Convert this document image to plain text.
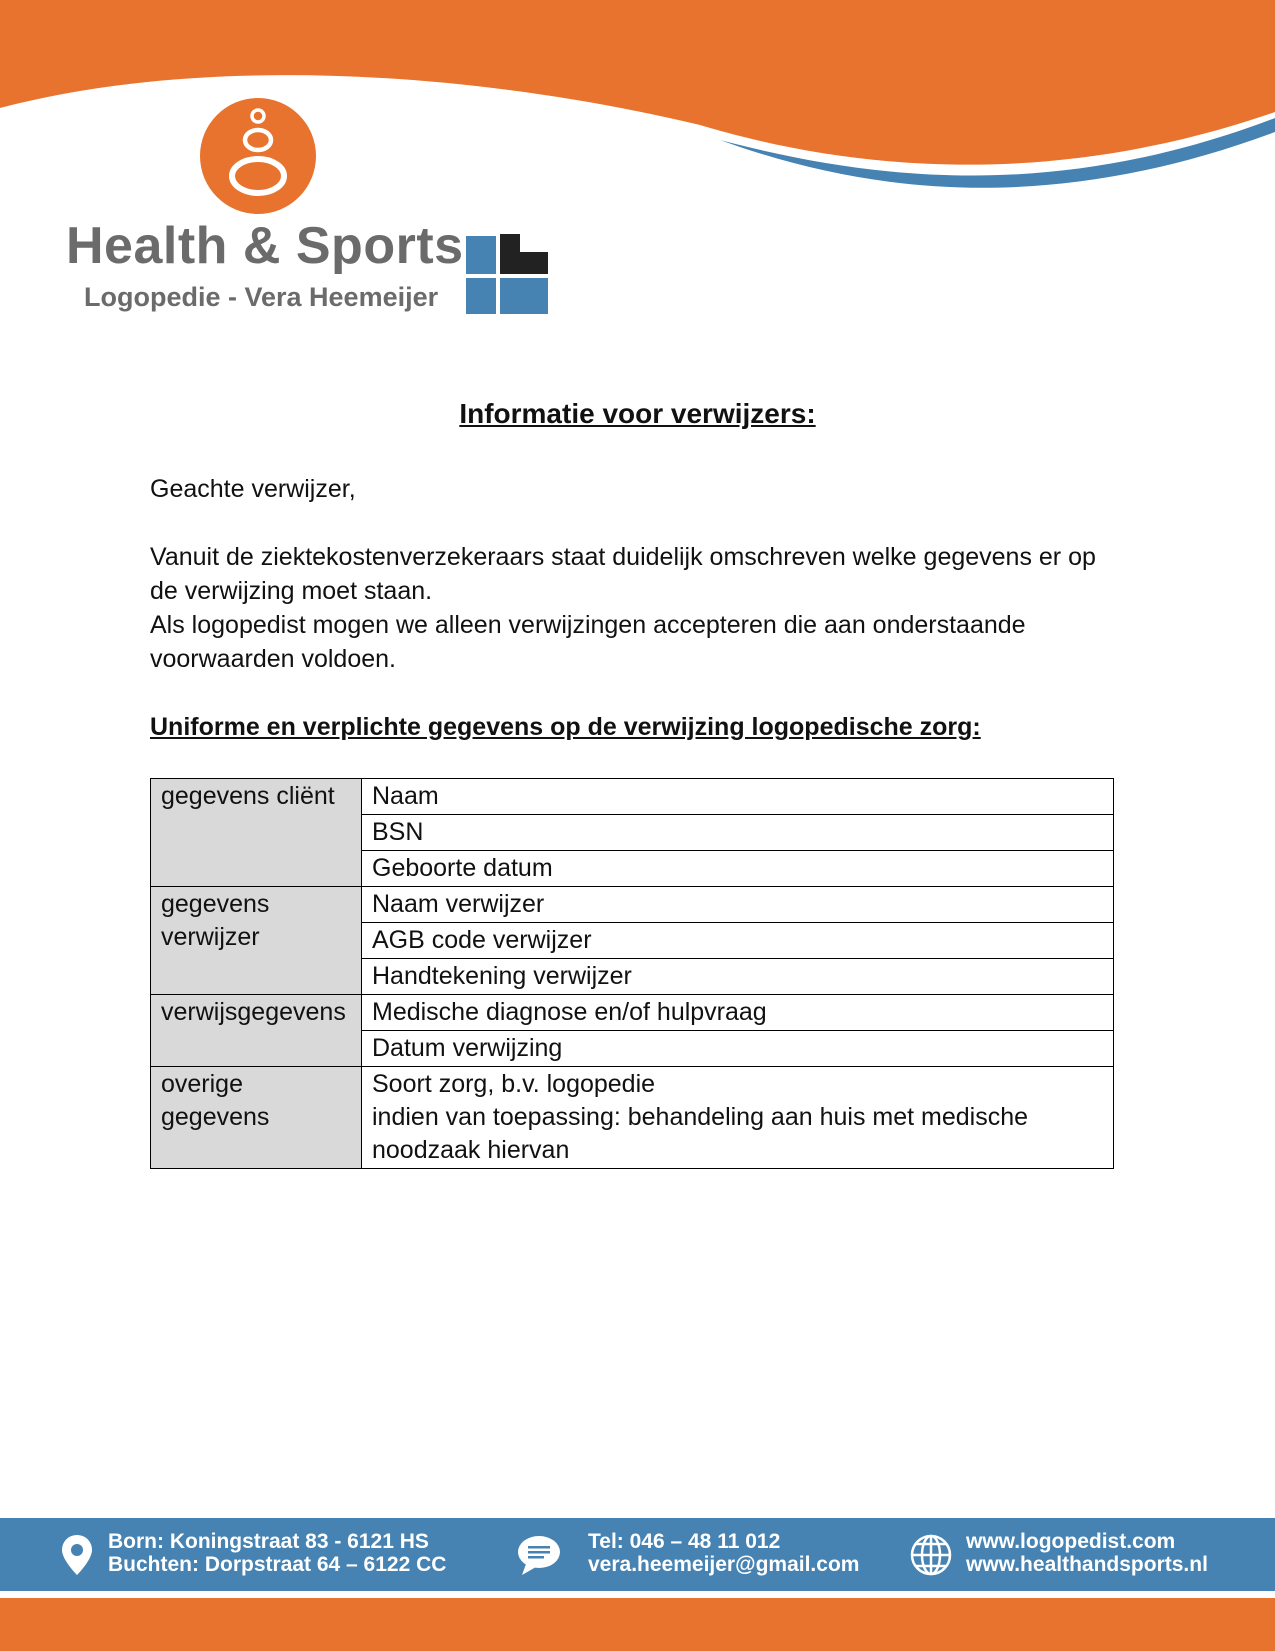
Health & Sports
Logopedie - Vera Heemeijer
Informatie voor verwijzers:
Geachte verwijzer,

Vanuit de ziektekostenverzekeraars staat duidelijk omschreven welke gegevens er op de verwijzing moet staan.

Als logopedist mogen we alleen verwijzingen accepteren die aan onderstaande voorwaarden voldoen.

Uniforme en verplichte gegevens op de verwijzing logopedische zorg:
gegevens cliënt	Naam
	BSN
	Geboorte datum
gegevens verwijzer	Naam verwijzer
	AGB code verwijzer
	Handtekening verwijzer
verwijsgegevens	Medische diagnose en/of hulpvraag
	Datum verwijzing
overige gegevens	Soort zorg, b.v. logopedie
indien van toepassing: behandeling aan huis met medische noodzaak hiervan
Born: Koningstraat 83 - 6121 HS
Buchten: Dorpstraat 64 – 6122 CC
Tel: 046 – 48 11 012
vera.heemeijer@gmail.com
www.logopedist.com
www.healthandsports.nl
